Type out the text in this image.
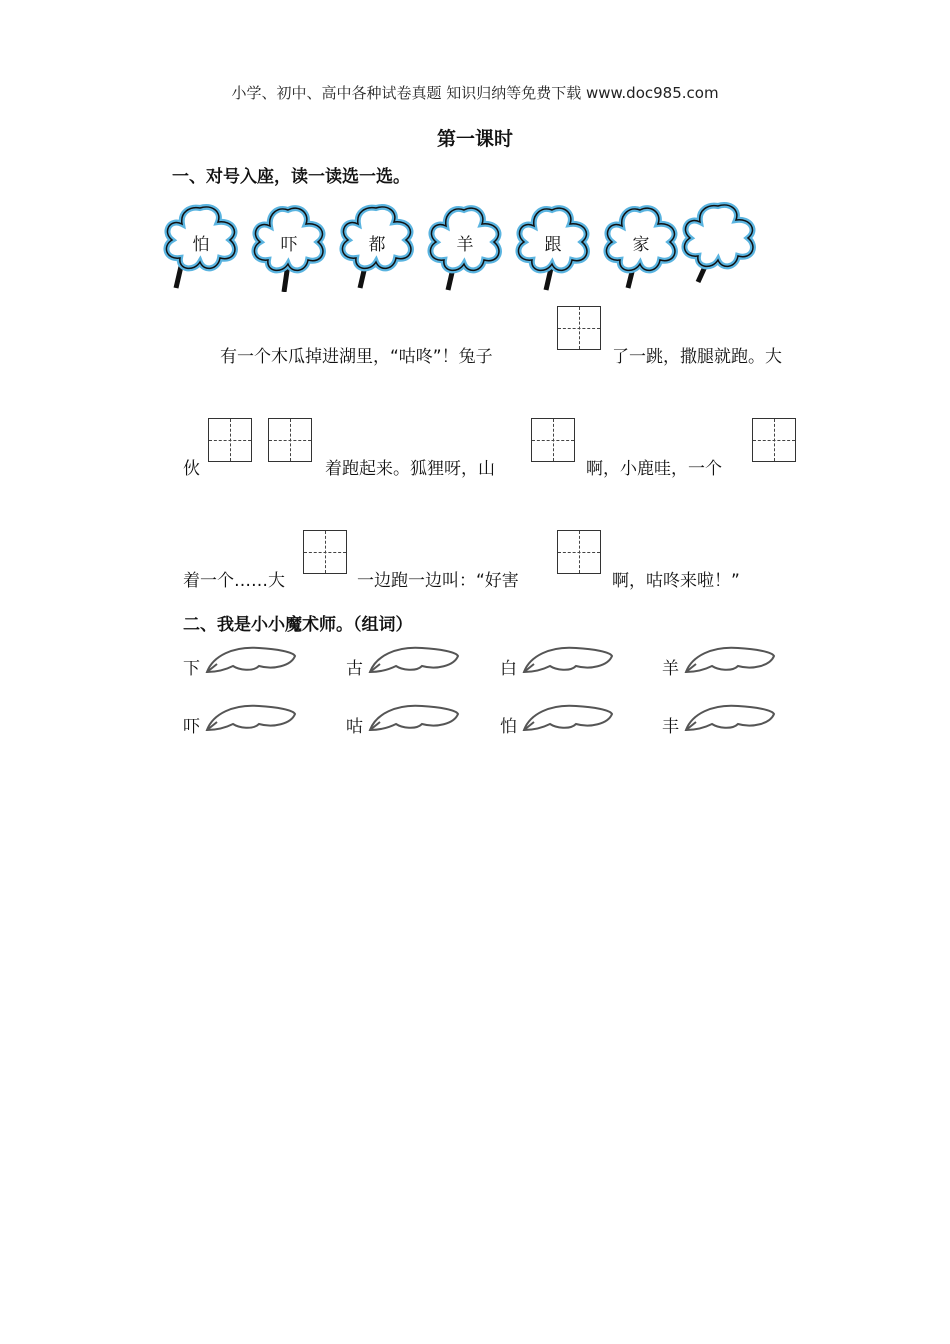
小学、初中、高中各种试卷真题 知识归纳等免费下载 www.doc985.com
第一课时
一、对号入座，读一读选一选。
怕	吓	都	羊	跟	家
有一个木瓜掉进湖里，“咕咚”！兔子	了一跳，撒腿就跑。大
伙	着跑起来。狐狸呀，山	啊，小鹿哇，一个
着一个……大	一边跑一边叫：“好害	啊，咕咚来啦！”
二、我是小小魔术师。（组词）
下	古	白	羊
吓	咕	怕	丰
